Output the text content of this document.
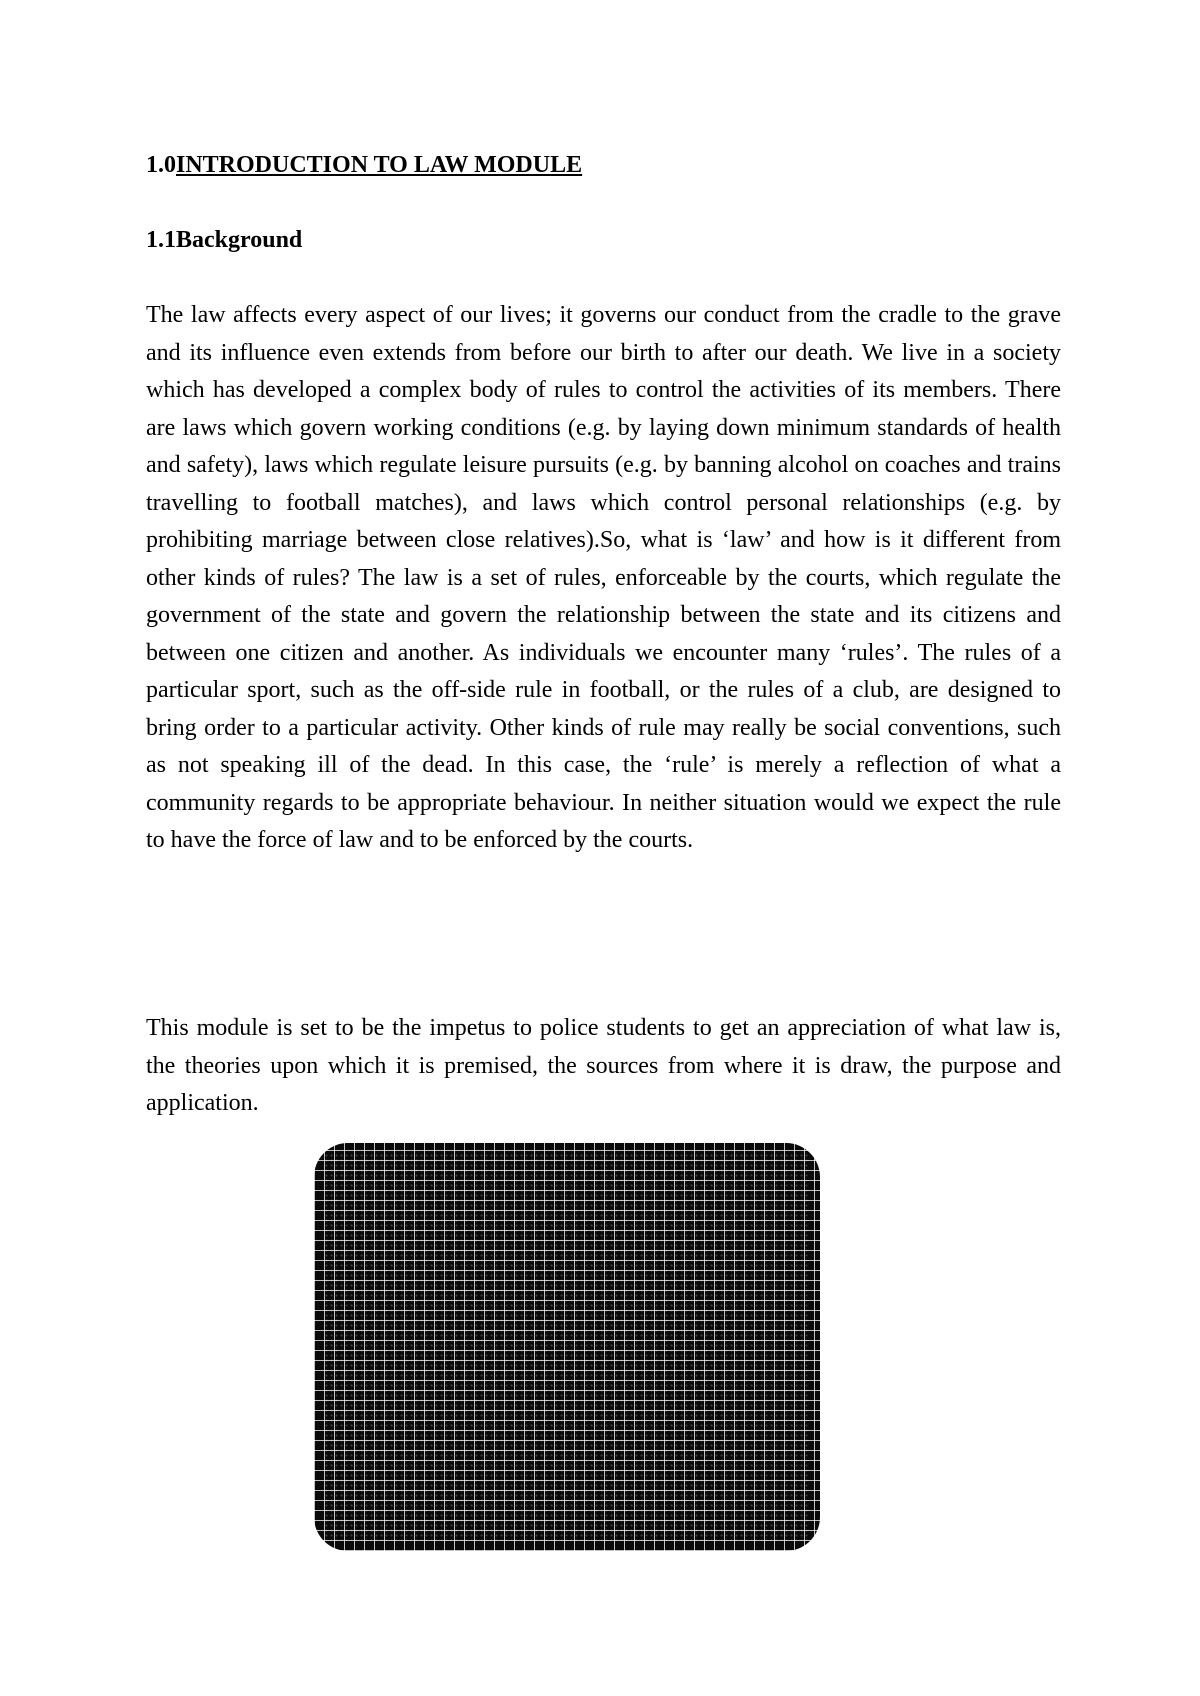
1.0INTRODUCTION TO LAW MODULE
1.1Background

The law affects every aspect of our lives; it governs our conduct from the cradle to the grave and its influence even extends from before our birth to after our death. We live in a society which has developed a complex body of rules to control the activities of its members. There are laws which govern working conditions (e.g. by laying down minimum standards of health and safety), laws which regulate leisure pursuits (e.g. by banning alcohol on coaches and trains travelling to football matches), and laws which control personal relationships (e.g. by prohibiting marriage between close relatives).So, what is ‘law’ and how is it different from other kinds of rules? The law is a set of rules, enforceable by the courts, which regulate the government of the state and govern the relationship between the state and its citizens and between one citizen and another. As individuals we encounter many ‘rules’. The rules of a particular sport, such as the off-side rule in football, or the rules of a club, are designed to bring order to a particular activity. Other kinds of rule may really be social conventions, such as not speaking ill of the dead. In this case, the ‘rule’ is merely a reflection of what a community regards to be appropriate behaviour. In neither situation would we expect the rule to have the force of law and to be enforced by the courts.

This module is set to be the impetus to police students to get an appreciation of what law is, the theories upon which it is premised, the sources from where it is draw, the purpose and application.
